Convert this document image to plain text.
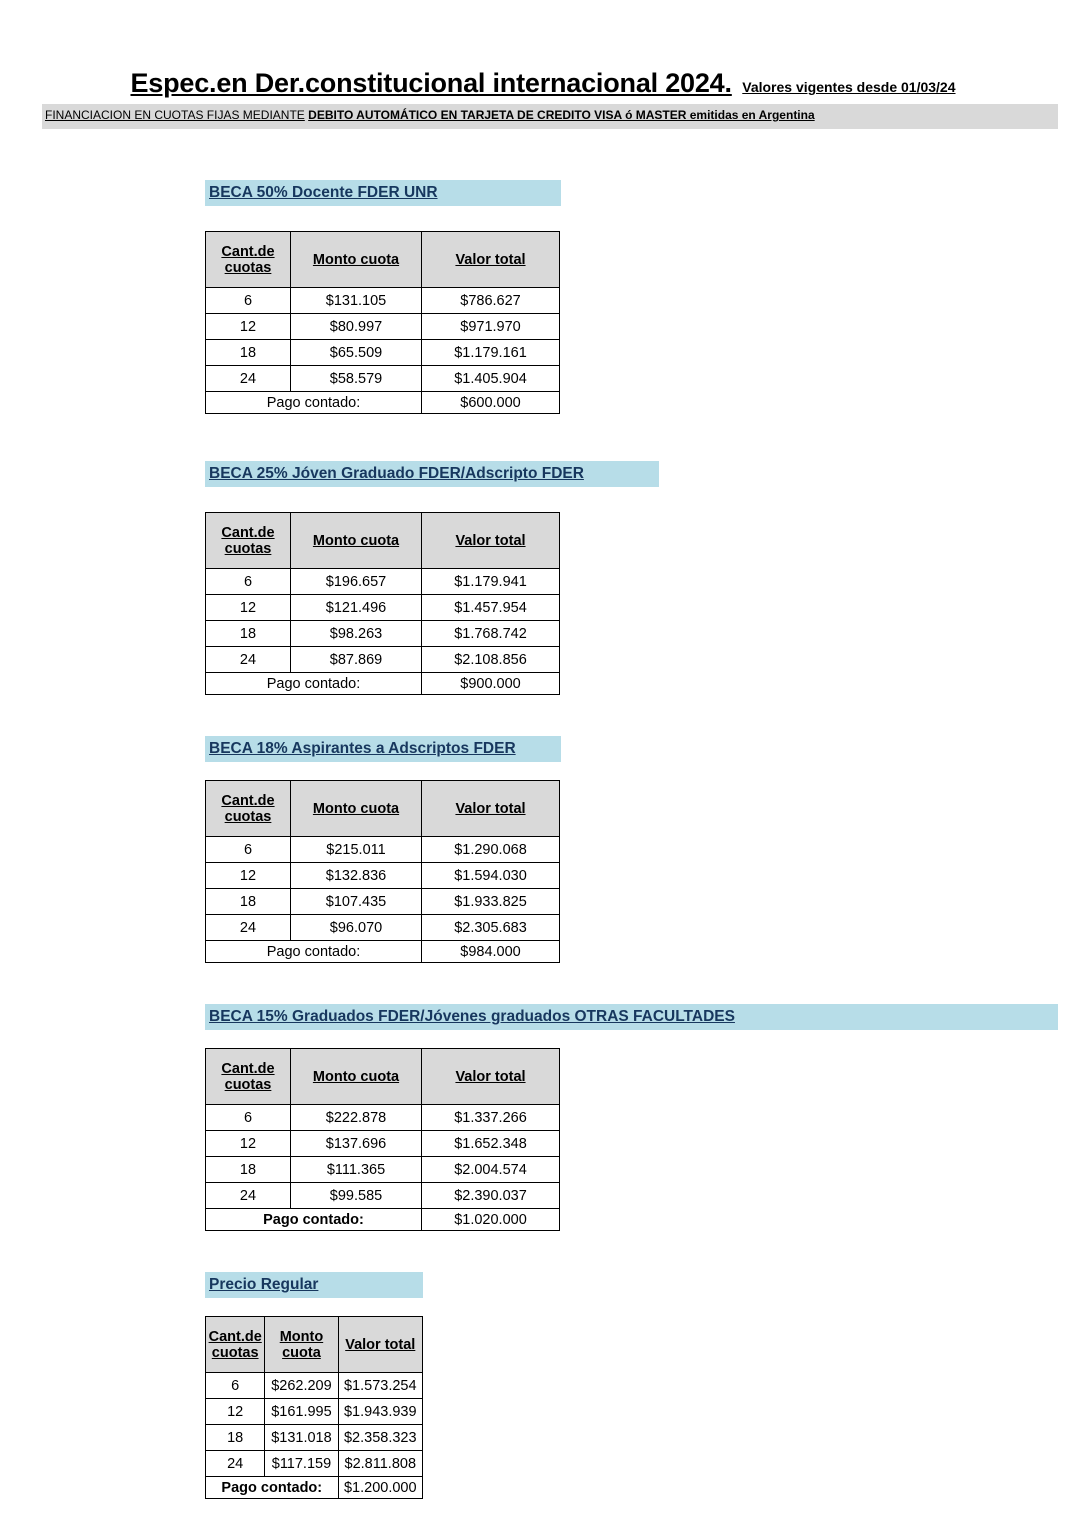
Espec.en Der.constitucional internacional 2024. Valores vigentes desde 01/03/24
FINANCIACION EN CUOTAS FIJAS MEDIANTE DEBITO AUTOMÁTICO EN TARJETA DE CREDITO VISA ó MASTER emitidas en Argentina
BECA 50% Docente FDER UNR
Cant.de
cuotas	Monto cuota	Valor total
6	$131.105	$786.627
12	$80.997	$971.970
18	$65.509	$1.179.161
24	$58.579	$1.405.904
Pago contado:		$600.000
BECA 25% Jóven Graduado FDER/Adscripto FDER
Cant.de
cuotas	Monto cuota	Valor total
6	$196.657	$1.179.941
12	$121.496	$1.457.954
18	$98.263	$1.768.742
24	$87.869	$2.108.856
Pago contado:		$900.000
BECA 18% Aspirantes a Adscriptos FDER
Cant.de
cuotas	Monto cuota	Valor total
6	$215.011	$1.290.068
12	$132.836	$1.594.030
18	$107.435	$1.933.825
24	$96.070	$2.305.683
Pago contado:		$984.000
BECA 15% Graduados FDER/Jóvenes graduados OTRAS FACULTADES
Cant.de
cuotas	Monto cuota	Valor total
6	$222.878	$1.337.266
12	$137.696	$1.652.348
18	$111.365	$2.004.574
24	$99.585	$2.390.037
Pago contado:		$1.020.000
Precio Regular
Cant.de
cuotas	Monto cuota	Valor total
6	$262.209	$1.573.254
12	$161.995	$1.943.939
18	$131.018	$2.358.323
24	$117.159	$2.811.808
Pago contado:		$1.200.000
